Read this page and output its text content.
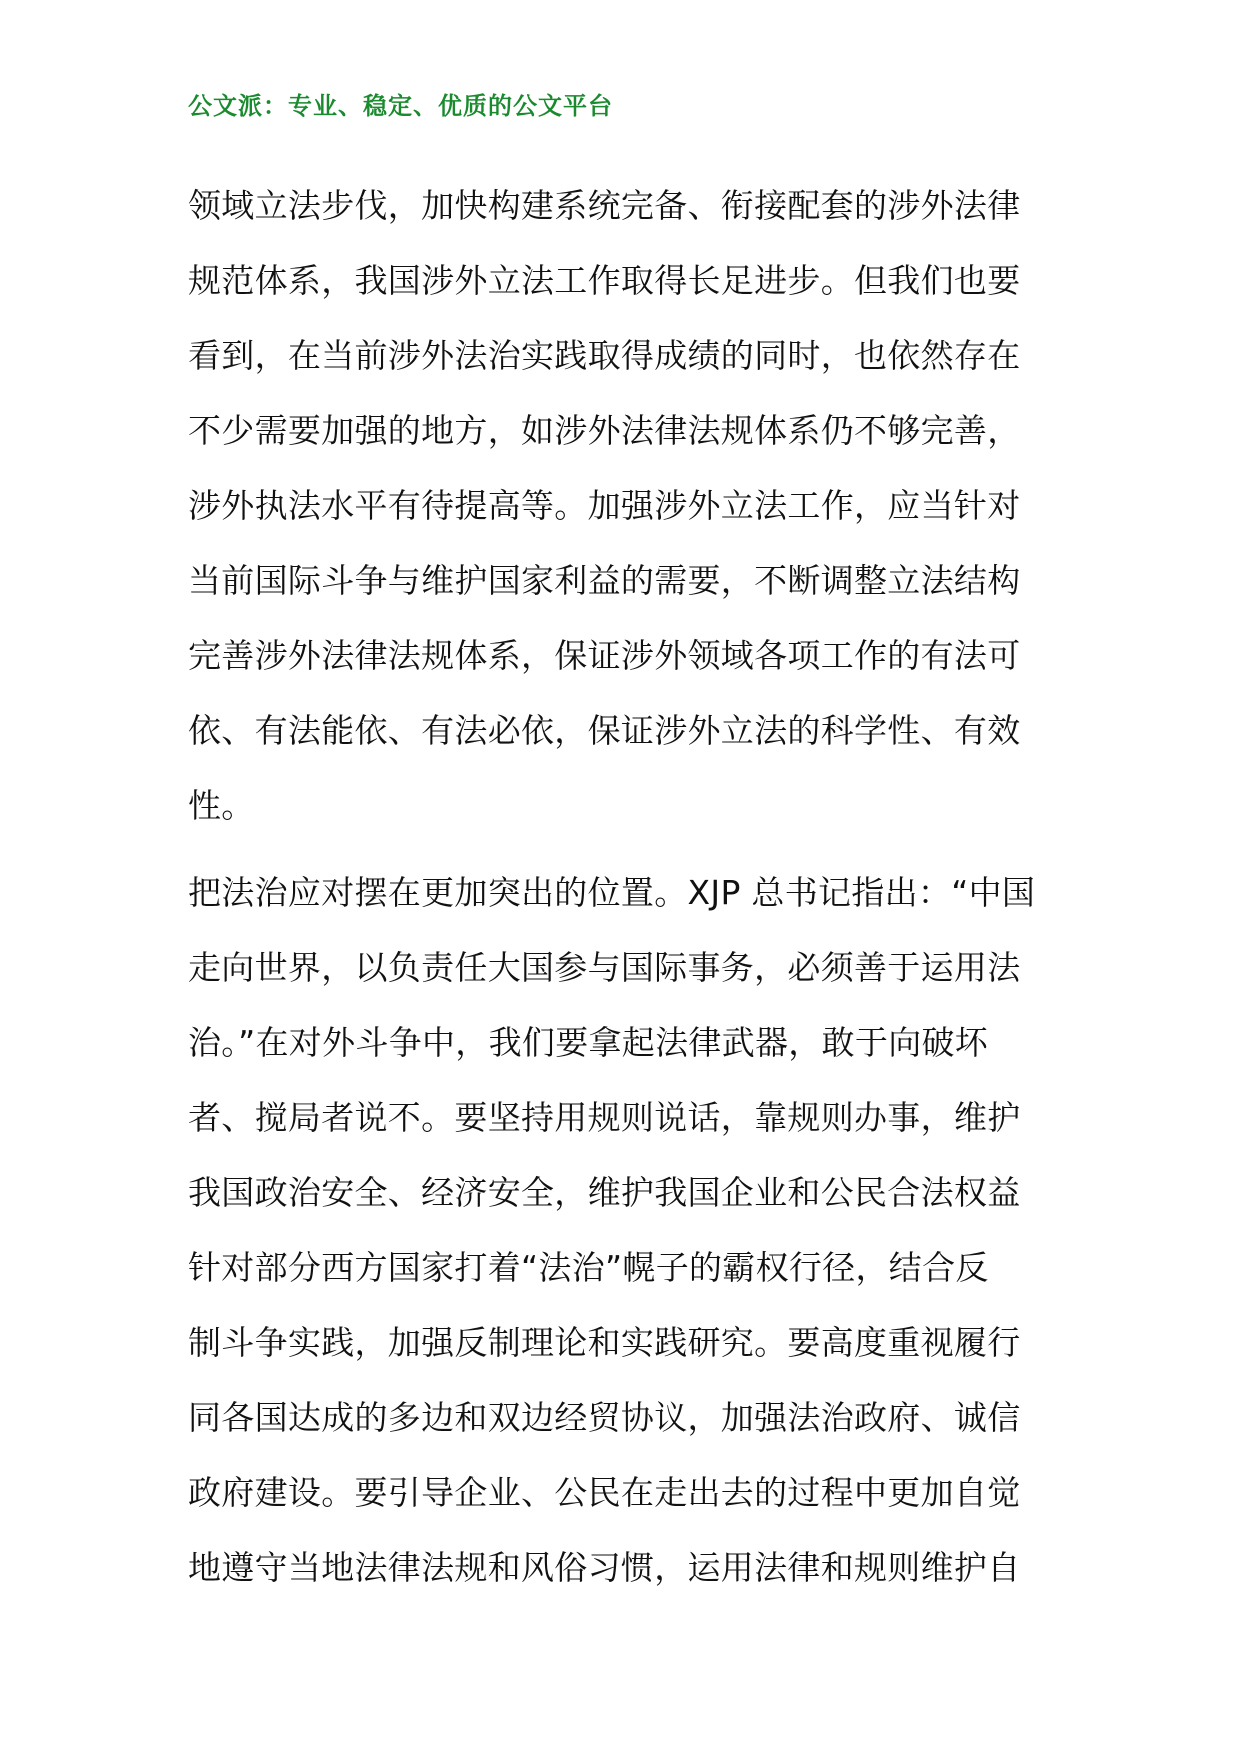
公文派：专业、稳定、优质的公文平台
领域立法步伐，加快构建系统完备、衔接配套的涉外法律
规范体系，我国涉外立法工作取得长足进步。但我们也要
看到，在当前涉外法治实践取得成绩的同时，也依然存在
不少需要加强的地方，如涉外法律法规体系仍不够完善，
涉外执法水平有待提高等。加强涉外立法工作，应当针对
当前国际斗争与维护国家利益的需要，不断调整立法结构
完善涉外法律法规体系，保证涉外领域各项工作的有法可
依、有法能依、有法必依，保证涉外立法的科学性、有效
性。
把法治应对摆在更加突出的位置。XJP 总书记指出：“中国
走向世界，以负责任大国参与国际事务，必须善于运用法
治。”在对外斗争中，我们要拿起法律武器，敢于向破坏
者、搅局者说不。要坚持用规则说话，靠规则办事，维护
我国政治安全、经济安全，维护我国企业和公民合法权益
针对部分西方国家打着“法治”幌子的霸权行径，结合反
制斗争实践，加强反制理论和实践研究。要高度重视履行
同各国达成的多边和双边经贸协议，加强法治政府、诚信
政府建设。要引导企业、公民在走出去的过程中更加自觉
地遵守当地法律法规和风俗习惯，运用法律和规则维护自
